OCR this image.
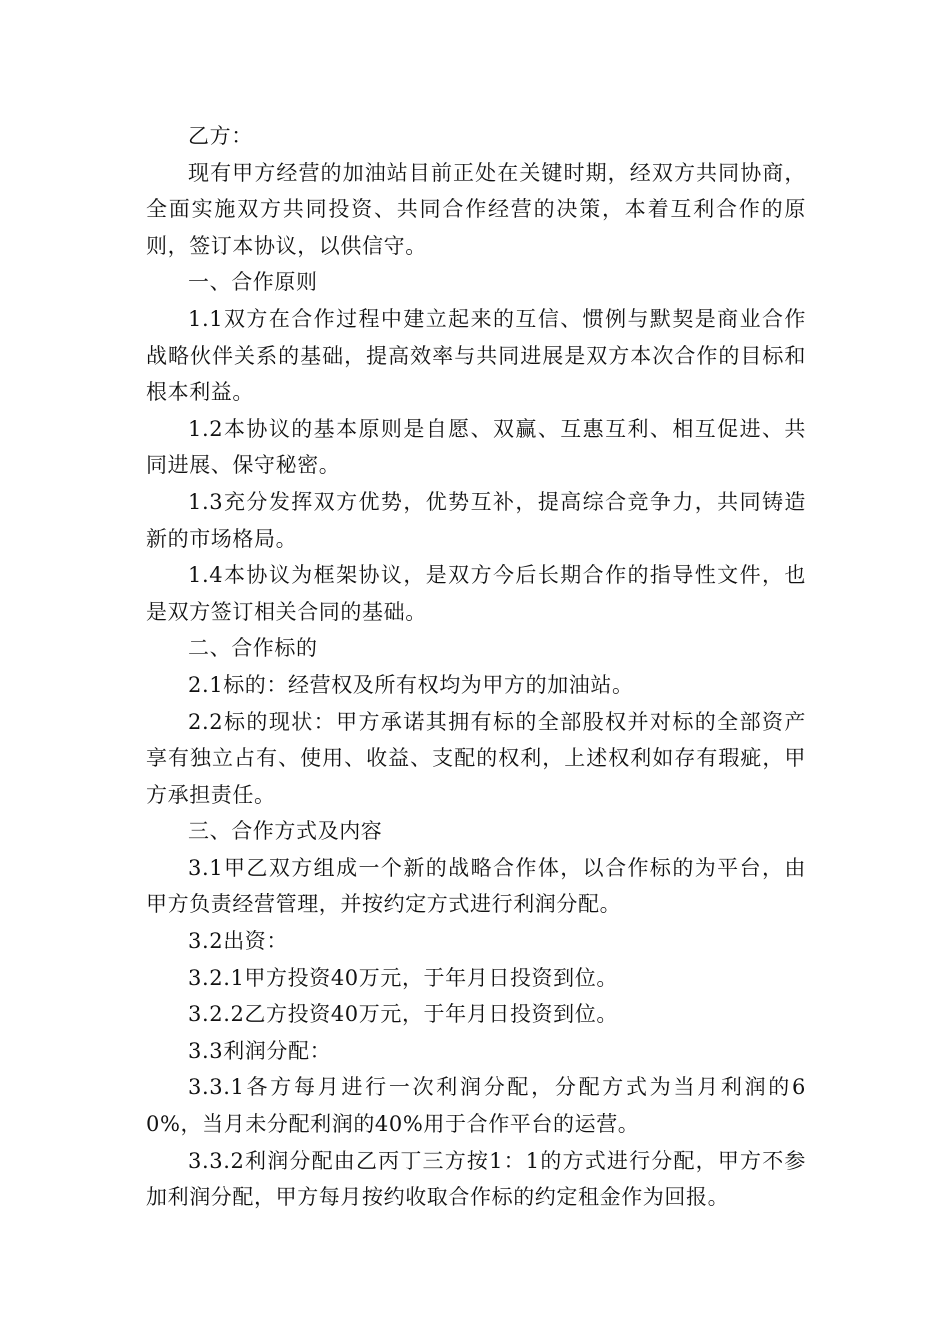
乙方：

现有甲方经营的加油站目前正处在关键时期，经双方共同协商，全面实施双方共同投资、共同合作经营的决策，本着互利合作的原则，签订本协议，以供信守。

一、合作原则

1.1双方在合作过程中建立起来的互信、惯例与默契是商业合作战略伙伴关系的基础，提高效率与共同进展是双方本次合作的目标和根本利益。

1.2本协议的基本原则是自愿、双赢、互惠互利、相互促进、共同进展、保守秘密。

1.3充分发挥双方优势，优势互补，提高综合竞争力，共同铸造新的市场格局。

1.4本协议为框架协议，是双方今后长期合作的指导性文件，也是双方签订相关合同的基础。

二、合作标的

2.1标的：经营权及所有权均为甲方的加油站。

2.2标的现状：甲方承诺其拥有标的全部股权并对标的全部资产享有独立占有、使用、收益、支配的权利，上述权利如存有瑕疵，甲方承担责任。

三、合作方式及内容

3.1甲乙双方组成一个新的战略合作体，以合作标的为平台，由甲方负责经营管理，并按约定方式进行利润分配。

3.2出资：

3.2.1甲方投资40万元，于年月日投资到位。

3.2.2乙方投资40万元，于年月日投资到位。

3.3利润分配：

3.3.1各方每月进行一次利润分配，分配方式为当月利润的60%，当月未分配利润的40%用于合作平台的运营。

3.3.2利润分配由乙丙丁三方按1：1的方式进行分配，甲方不参加利润分配，甲方每月按约收取合作标的约定租金作为回报。
